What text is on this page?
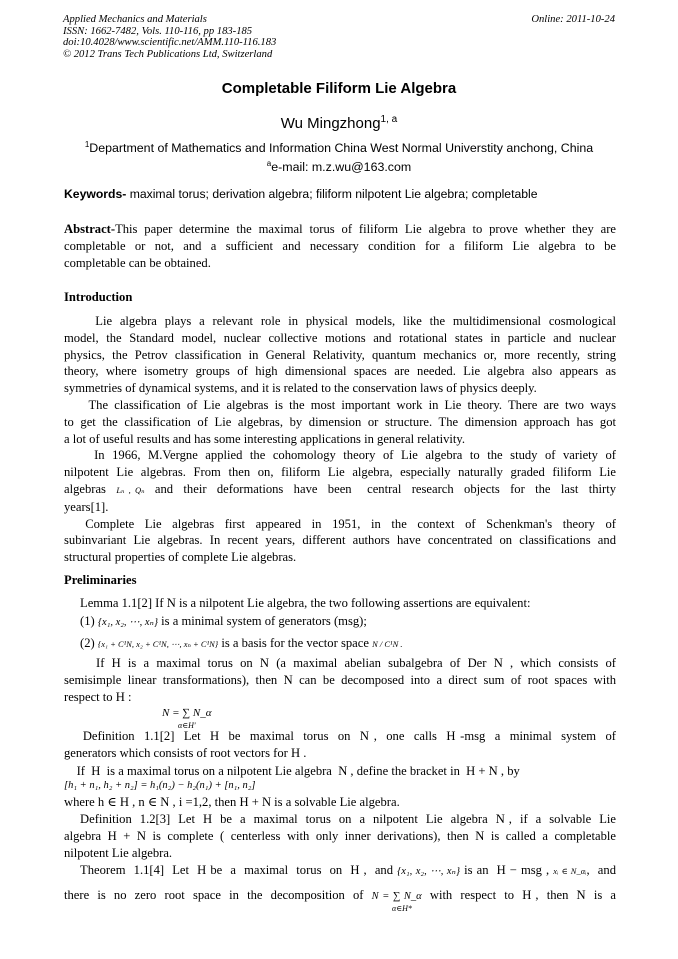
Applied Mechanics and Materials
ISSN: 1662-7482, Vols. 110-116, pp 183-185
doi:10.4028/www.scientific.net/AMM.110-116.183
© 2012 Trans Tech Publications Ltd, Switzerland
Online: 2011-10-24
Completable Filiform Lie Algebra
Wu Mingzhong$^{1, a}$
$^1$Department of Mathematics and Information China West Normal Universtity anchong, China
$^a$e-mail: m.z.wu@163.com
Keywords- maximal torus; derivation algebra; filiform nilpotent Lie algebra; completable
Abstract-This paper determine the maximal torus of filiform Lie algebra to prove whether they are
completable or not, and a sufficient and necessary condition for a filiform Lie algebra to be
completable can be obtained.
Introduction
Lie algebra plays a relevant role in physical models, like the multidimensional cosmological
model, the Standard model, nuclear collective motions and rotational states in particle and nuclear
physics, the Petrov classification in General Relativity, quantum mechanics or, more recently, string
theory, where isometry groups of high dimensional spaces are needed. Lie algebra also appears as
symmetries of dynamical systems, and it is related to the conservation laws of physics deeply.
The classification of Lie algebras is the most important work in Lie theory. There are two ways
to get the classification of Lie algebras, by dimension or structure. The dimension approach has got
a lot of useful results and has some interesting applications in general relativity.
In 1966, M.Vergne applied the cohomology theory of Lie algebra to the study of variety of
nilpotent Lie algebras. From then on, filiform Lie algebra, especially naturally graded filiform Lie
algebras Lₙ , Qₙ and  their  deformations  have  been   central  research  objects  for  the  last  thirty
years[1].
Complete  Lie  algebras  first  appeared  in  1951,  in  the  context  of  Schenkman's  theory  of
subinvariant Lie algebras. In recent years, different authors have concentrated on classifications and
structural properties of complete Lie algebras.
Preliminaries
Lemma 1.1[2] If N is a nilpotent Lie algebra, the two following assertions are equivalent:
(1) {x₁, x₂, ⋯, xₙ} is a minimal system of generators (msg);
(2) {x₁ + C¹N, x₂ + C¹N, ⋯, xₙ + C¹N} is a basis for the vector space N / C¹N .
If H is a maximal torus on N (a maximal abelian subalgebra of Der N , which consists of
semisimple linear transformations), then N can be decomposed into a direct sum of root spaces with
respect to H :
N = ∑ N_α
α∈H′
Definition  1.1[2]  Let  H  be  maximal  torus  on  N ,  one  calls  H -msg  a  minimal  system  of
generators which consists of root vectors for H .
If  H  is a maximal torus on a nilpotent Lie algebra  N , define the bracket in  H + N , by
[h₁ + n₁, h₂ + n₂] = h₁(n₂) − h₂(n₁) + [n₁, n₂]
where h ∈ H , n ∈ N , i =1,2, then H + N is a solvable Lie algebra.
Definition  1.2[3]  Let  H  be  a  maximal  torus  on  a  nilpotent  Lie  algebra  N ,  if  a  solvable  Lie
algebra H + N is complete ( centerless with only inner derivations), then N is called a completable
nilpotent Lie algebra.
Theorem  1.1[4]  Let  H be  a  maximal  torus  on  H ,  and {x₁, x₂, ⋯, xₙ} is an  H − msg , xᵢ ∈ N_αᵢ,  and
there  is  no  zero  root  space  in  the  decomposition  of N = ∑ N_α with  respect  to  H ,  then  N  is  a
α∈H*
